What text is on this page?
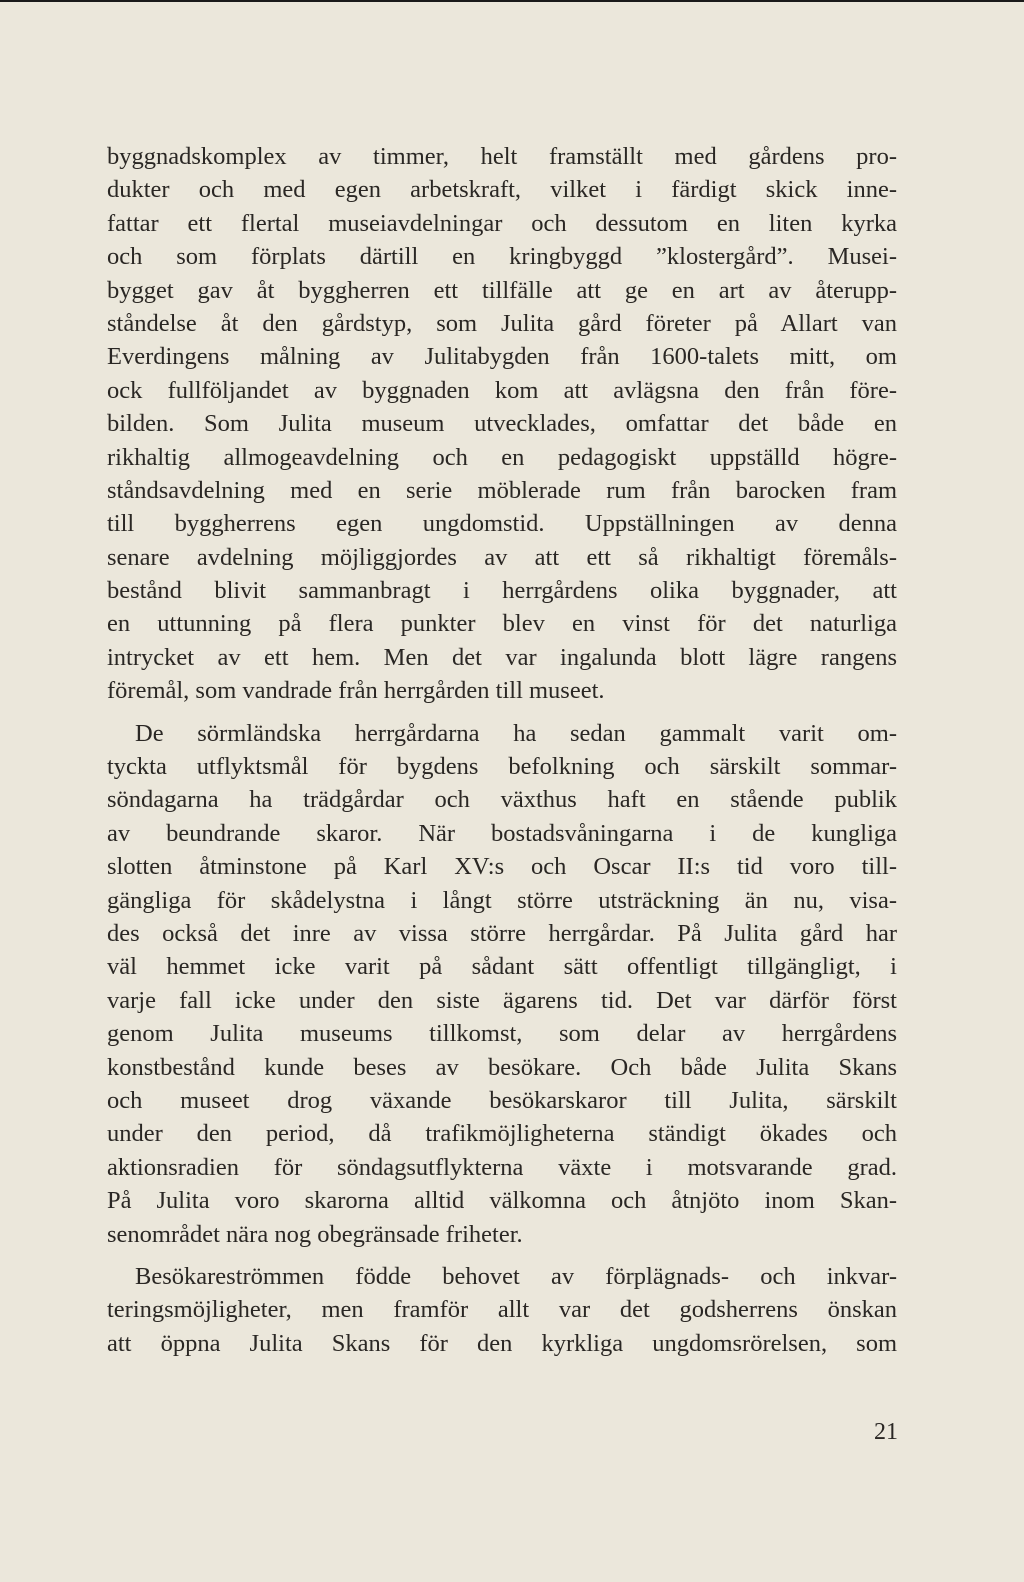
byggnadskomplex av timmer, helt framställt med gårdens pro-
dukter och med egen arbetskraft, vilket i färdigt skick inne-
fattar ett flertal museiavdelningar och dessutom en liten kyrka
och som förplats därtill en kringbyggd ”klostergård”. Musei-
bygget gav åt byggherren ett tillfälle att ge en art av återupp-
ståndelse åt den gårdstyp, som Julita gård företer på Allart van
Everdingens målning av Julitabygden från 1600-talets mitt, om
ock fullföljandet av byggnaden kom att avlägsna den från före-
bilden. Som Julita museum utvecklades, omfattar det både en
rikhaltig allmogeavdelning och en pedagogiskt uppställd högre-
ståndsavdelning med en serie möblerade rum från barocken fram
till byggherrens egen ungdomstid. Uppställningen av denna
senare avdelning möjliggjordes av att ett så rikhaltigt föremåls-
bestånd blivit sammanbragt i herrgårdens olika byggnader, att
en uttunning på flera punkter blev en vinst för det naturliga
intrycket av ett hem. Men det var ingalunda blott lägre rangens
föremål, som vandrade från herrgården till museet.
De sörmländska herrgårdarna ha sedan gammalt varit om-
tyckta utflyktsmål för bygdens befolkning och särskilt sommar-
söndagarna ha trädgårdar och växthus haft en stående publik
av beundrande skaror. När bostadsvåningarna i de kungliga
slotten åtminstone på Karl XV:s och Oscar II:s tid voro till-
gängliga för skådelystna i långt större utsträckning än nu, visa-
des också det inre av vissa större herrgårdar. På Julita gård har
väl hemmet icke varit på sådant sätt offentligt tillgängligt, i
varje fall icke under den siste ägarens tid. Det var därför först
genom Julita museums tillkomst, som delar av herrgårdens
konstbestånd kunde beses av besökare. Och både Julita Skans
och museet drog växande besökarskaror till Julita, särskilt
under den period, då trafikmöjligheterna ständigt ökades och
aktionsradien för söndagsutflykterna växte i motsvarande grad.
På Julita voro skarorna alltid välkomna och åtnjöto inom Skan-
senområdet nära nog obegränsade friheter.
Besökareströmmen födde behovet av förplägnads- och inkvar-
teringsmöjligheter, men framför allt var det godsherrens önskan
att öppna Julita Skans för den kyrkliga ungdomsrörelsen, som
21
